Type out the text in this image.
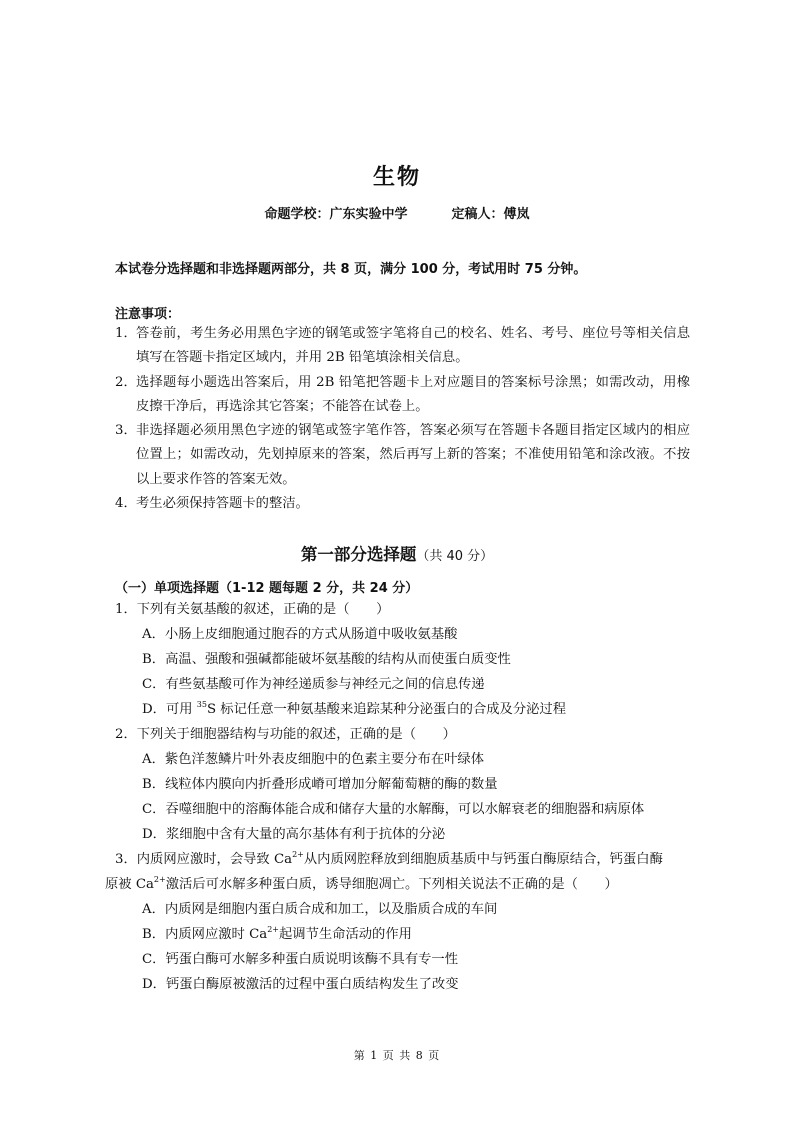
生物
命题学校：广东实验中学	定稿人：傅岚
本试卷分选择题和非选择题两部分，共 8 页，满分 100 分，考试用时 75 分钟。
注意事项：
1． 答卷前，考生务必用黑色字迹的钢笔或签字笔将自己的校名、姓名、考号、座位号等相关信息填写在答题卡指定区域内，并用 2B 铅笔填涂相关信息。
2． 选择题每小题选出答案后，用 2B 铅笔把答题卡上对应题目的答案标号涂黑；如需改动，用橡皮擦干净后，再选涂其它答案；不能答在试卷上。
3． 非选择题必须用黑色字迹的钢笔或签字笔作答，答案必须写在答题卡各题目指定区域内的相应位置上；如需改动，先划掉原来的答案，然后再写上新的答案；不准使用铅笔和涂改液。不按以上要求作答的答案无效。
4． 考生必须保持答题卡的整洁。
第一部分选择题（共 40 分）
（一）单项选择题（1-12 题每题 2 分，共 24 分）
1．下列有关氨基酸的叙述，正确的是（　　）
A．小肠上皮细胞通过胞吞的方式从肠道中吸收氨基酸
B．高温、强酸和强碱都能破坏氨基酸的结构从而使蛋白质变性
C．有些氨基酸可作为神经递质参与神经元之间的信息传递
D．可用 $^{35}$S 标记任意一种氨基酸来追踪某种分泌蛋白的合成及分泌过程
2．下列关于细胞器结构与功能的叙述，正确的是（　　）
A．紫色洋葱鳞片叶外表皮细胞中的色素主要分布在叶绿体
B．线粒体内膜向内折叠形成嵴可增加分解葡萄糖的酶的数量
C．吞噬细胞中的溶酶体能合成和储存大量的水解酶，可以水解衰老的细胞器和病原体
D．浆细胞中含有大量的高尔基体有利于抗体的分泌
3．内质网应激时，会导致 $Ca^{2+}$从内质网腔释放到细胞质基质中与钙蛋白酶原结合，钙蛋白酶
原被 $Ca^{2+}$激活后可水解多种蛋白质，诱导细胞凋亡。下列相关说法不正确的是（　　）
A．内质网是细胞内蛋白质合成和加工，以及脂质合成的车间
B．内质网应激时 $Ca^{2+}$起调节生命活动的作用
C．钙蛋白酶可水解多种蛋白质说明该酶不具有专一性
D．钙蛋白酶原被激活的过程中蛋白质结构发生了改变
第 1 页 共 8 页
